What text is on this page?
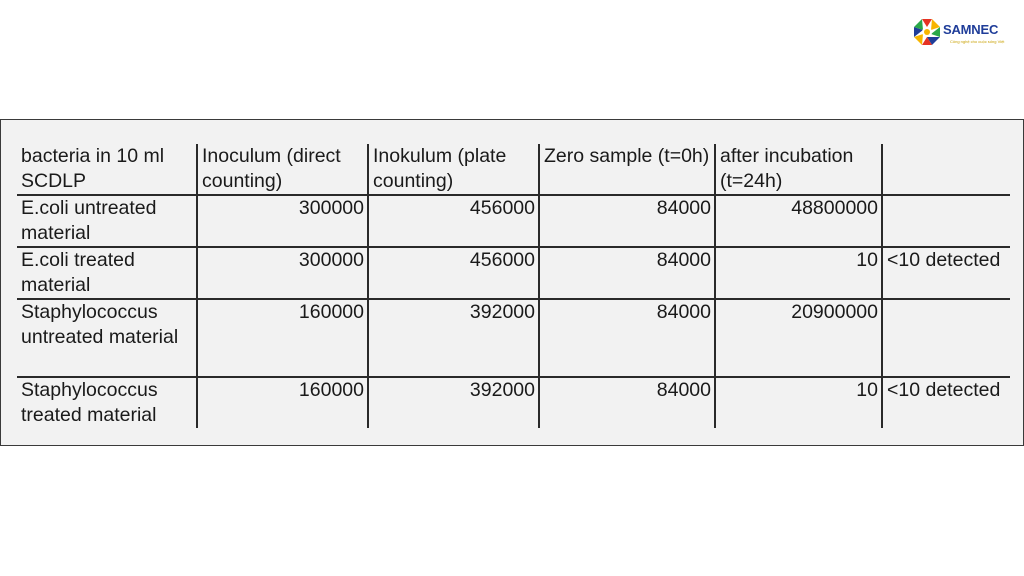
SAMNEC
Công nghệ cho cuộc sống Việt
bacteria in 10 ml SCDLP	Inoculum (direct counting)	Inokulum (plate counting)	Zero sample (t=0h)	after incubation (t=24h)	
E.coli untreated material	300000	456000	84000	48800000	
E.coli treated material	300000	456000	84000	10	<10 detected
Staphylococcus untreated material	160000	392000	84000	20900000	
Staphylococcus treated material	160000	392000	84000	10	<10 detected
